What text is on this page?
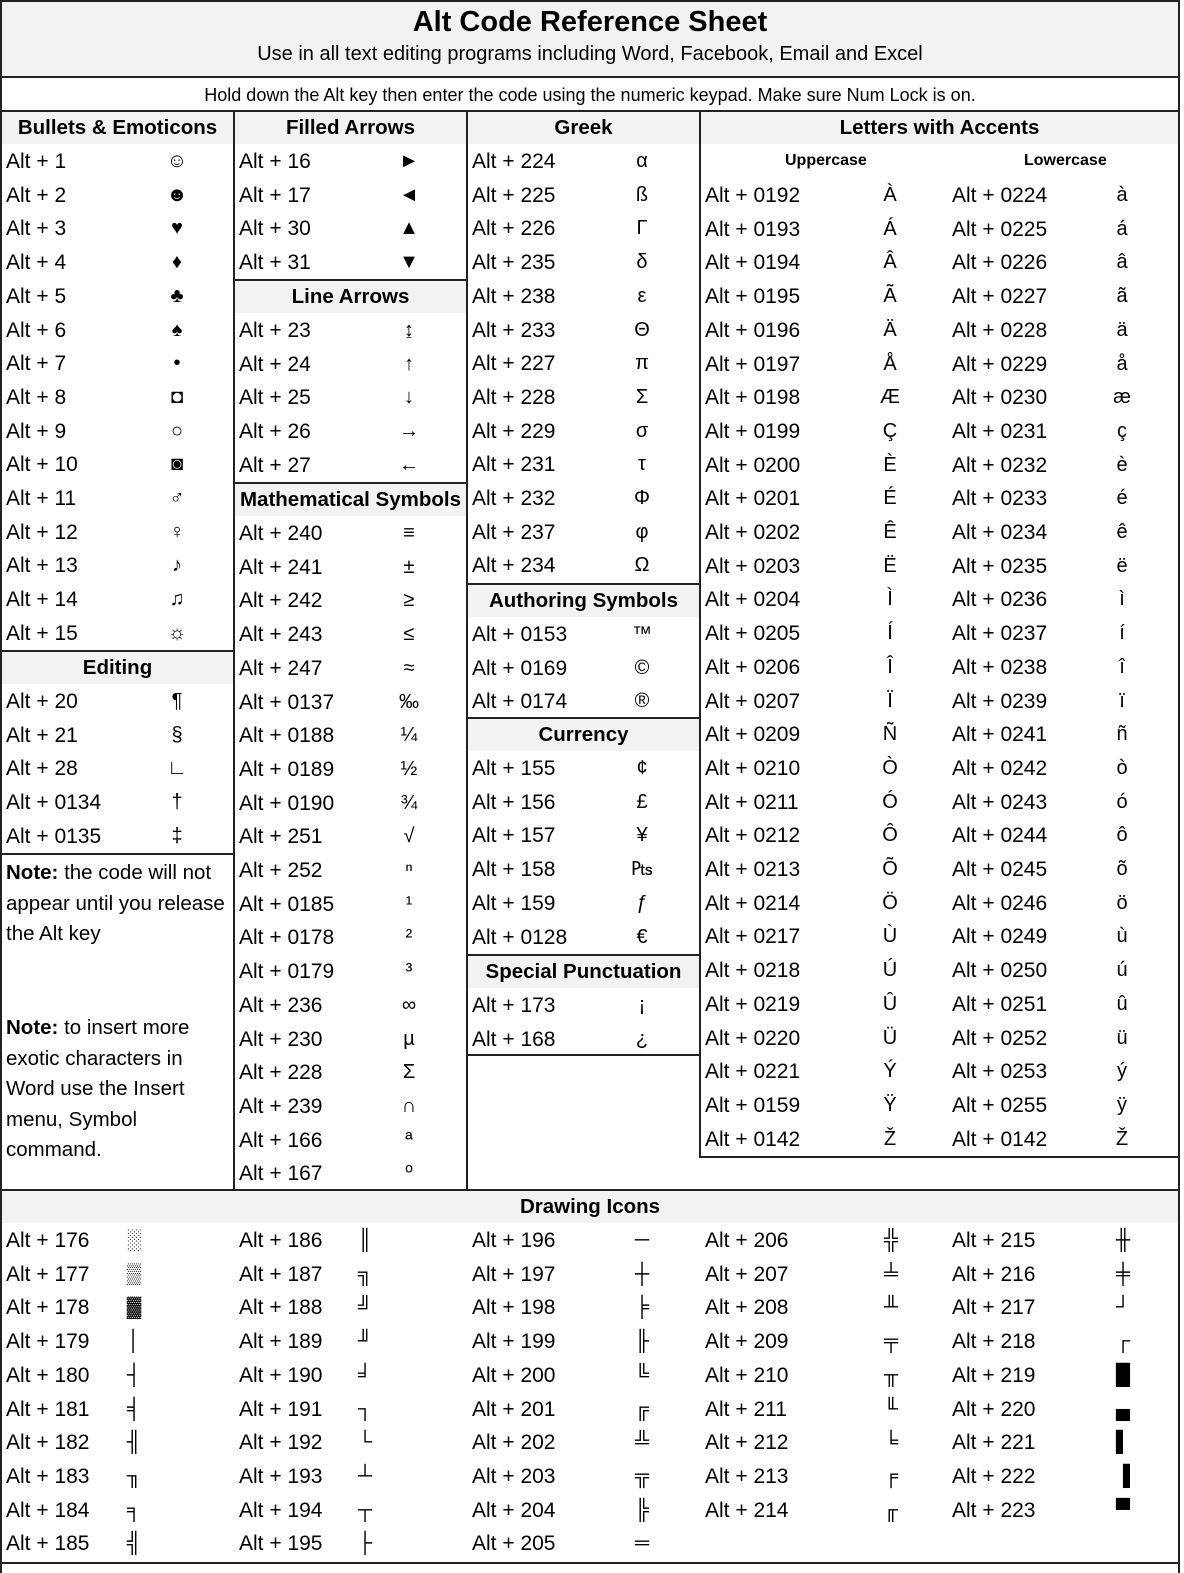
Alt Code Reference Sheet
Use in all text editing programs including Word, Facebook, Email and Excel
Hold down the Alt key then enter the code using the numeric keypad. Make sure Num Lock is on.
Bullets & Emoticons
Alt + 1	☺
Alt + 2	☻
Alt + 3	♥
Alt + 4	♦
Alt + 5	♣
Alt + 6	♠
Alt + 7	•
Alt + 8	◘
Alt + 9	○
Alt + 10	◙
Alt + 11	♂
Alt + 12	♀
Alt + 13	♪
Alt + 14	♫
Alt + 15	☼
Editing
Alt + 20	¶
Alt + 21	§
Alt + 28	∟
Alt + 0134	†
Alt + 0135	‡
Note: the code will not appear until you release the Alt key
Note: to insert more exotic characters in Word use the Insert menu, Symbol command.
Filled Arrows
Alt + 16	►
Alt + 17	◄
Alt + 30	▲
Alt + 31	▼
Line Arrows
Alt + 23	↨
Alt + 24	↑
Alt + 25	↓
Alt + 26	→
Alt + 27	←
Mathematical Symbols
Alt + 240	≡
Alt + 241	±
Alt + 242	≥
Alt + 243	≤
Alt + 247	≈
Alt + 0137	‰
Alt + 0188	¼
Alt + 0189	½
Alt + 0190	¾
Alt + 251	√
Alt + 252	ⁿ
Alt + 0185	¹
Alt + 0178	²
Alt + 0179	³
Alt + 236	∞
Alt + 230	µ
Alt + 228	Σ
Alt + 239	∩
Alt + 166	ª
Alt + 167	º
Greek
Alt + 224	α
Alt + 225	ß
Alt + 226	Γ
Alt + 235	δ
Alt + 238	ε
Alt + 233	Θ
Alt + 227	π
Alt + 228	Σ
Alt + 229	σ
Alt + 231	τ
Alt + 232	Φ
Alt + 237	φ
Alt + 234	Ω
Authoring Symbols
Alt + 0153	™
Alt + 0169	©
Alt + 0174	®
Currency
Alt + 155	¢
Alt + 156	£
Alt + 157	¥
Alt + 158	₧
Alt + 159	ƒ
Alt + 0128	€
Special Punctuation
Alt + 173	¡
Alt + 168	¿
Letters with Accents
Uppercase	Lowercase
Alt + 0192	À	Alt + 0224	à
Alt + 0193	Á	Alt + 0225	á
Alt + 0194	Â	Alt + 0226	â
Alt + 0195	Ã	Alt + 0227	ã
Alt + 0196	Ä	Alt + 0228	ä
Alt + 0197	Å	Alt + 0229	å
Alt + 0198	Æ	Alt + 0230	æ
Alt + 0199	Ç	Alt + 0231	ç
Alt + 0200	È	Alt + 0232	è
Alt + 0201	É	Alt + 0233	é
Alt + 0202	Ê	Alt + 0234	ê
Alt + 0203	Ë	Alt + 0235	ë
Alt + 0204	Ì	Alt + 0236	ì
Alt + 0205	Í	Alt + 0237	í
Alt + 0206	Î	Alt + 0238	î
Alt + 0207	Ï	Alt + 0239	ï
Alt + 0209	Ñ	Alt + 0241	ñ
Alt + 0210	Ò	Alt + 0242	ò
Alt + 0211	Ó	Alt + 0243	ó
Alt + 0212	Ô	Alt + 0244	ô
Alt + 0213	Õ	Alt + 0245	õ
Alt + 0214	Ö	Alt + 0246	ö
Alt + 0217	Ù	Alt + 0249	ù
Alt + 0218	Ú	Alt + 0250	ú
Alt + 0219	Û	Alt + 0251	û
Alt + 0220	Ü	Alt + 0252	ü
Alt + 0221	Ý	Alt + 0253	ý
Alt + 0159	Ÿ	Alt + 0255	ÿ
Alt + 0142	Ž	Alt + 0142	Ž
Drawing Icons
Alt + 176	░
Alt + 177	▒
Alt + 178	▓
Alt + 179	│
Alt + 180	┤
Alt + 181	╡
Alt + 182	╢
Alt + 183	╖
Alt + 184	╕
Alt + 185	╣
Alt + 186	║
Alt + 187	╗
Alt + 188	╝
Alt + 189	╜
Alt + 190	╛
Alt + 191	┐
Alt + 192	└
Alt + 193	┴
Alt + 194	┬
Alt + 195	├
Alt + 196	─
Alt + 197	┼
Alt + 198	╞
Alt + 199	╟
Alt + 200	╚
Alt + 201	╔
Alt + 202	╩
Alt + 203	╦
Alt + 204	╠
Alt + 205	═
Alt + 206	╬
Alt + 207	╧
Alt + 208	╨
Alt + 209	╤
Alt + 210	╥
Alt + 211	╙
Alt + 212	╘
Alt + 213	╒
Alt + 214	╓
Alt + 215	╫
Alt + 216	╪
Alt + 217	┘
Alt + 218	┌
Alt + 219	█
Alt + 220	▄
Alt + 221	▌
Alt + 222	▐
Alt + 223	▀
